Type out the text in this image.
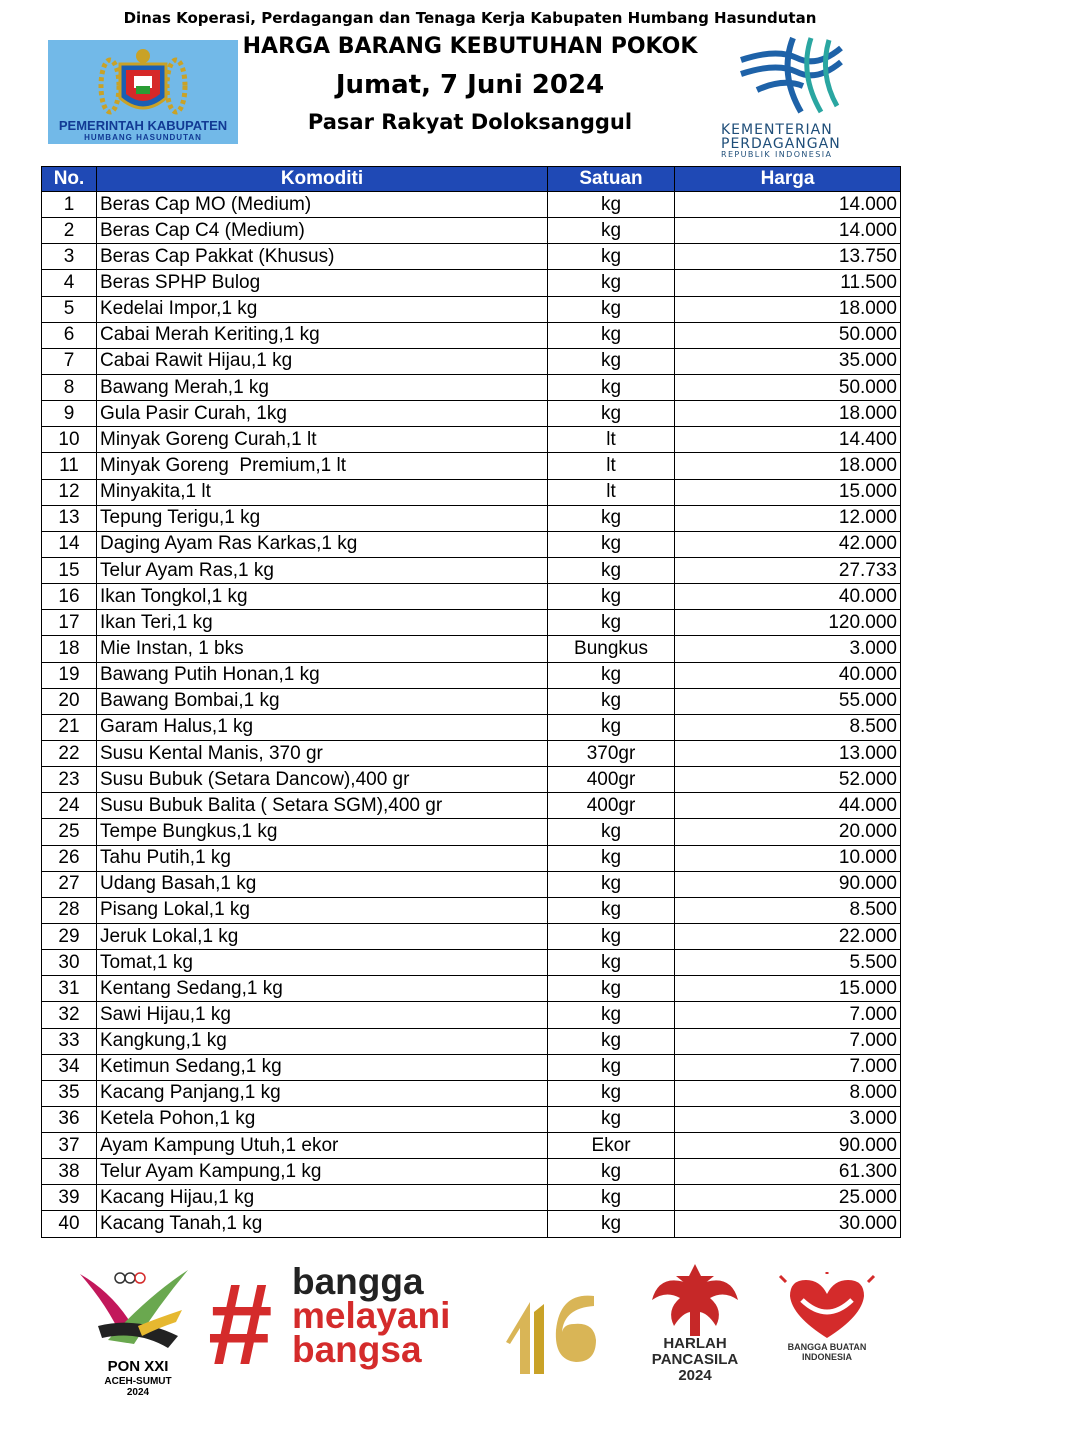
Dinas Koperasi, Perdagangan dan Tenaga Kerja Kabupaten Humbang Hasundutan
HARGA BARANG KEBUTUHAN POKOK
Jumat, 7 Juni 2024
Pasar Rakyat Doloksanggul
PEMERINTAH KABUPATEN
HUMBANG HASUNDUTAN	KEMENTERIAN
PERDAGANGAN
REPUBLIK INDONESIA
No.	Komoditi	Satuan	Harga
1	Beras Cap MO (Medium)	kg	14.000
2	Beras Cap C4 (Medium)	kg	14.000
3	Beras Cap Pakkat (Khusus)	kg	13.750
4	Beras SPHP Bulog	kg	11.500
5	Kedelai Impor,1 kg	kg	18.000
6	Cabai Merah Keriting,1 kg	kg	50.000
7	Cabai Rawit Hijau,1 kg	kg	35.000
8	Bawang Merah,1 kg	kg	50.000
9	Gula Pasir Curah, 1kg	kg	18.000
10	Minyak Goreng Curah,1 lt	lt	14.400
11	Minyak Goreng  Premium,1 lt	lt	18.000
12	Minyakita,1 lt	lt	15.000
13	Tepung Terigu,1 kg	kg	12.000
14	Daging Ayam Ras Karkas,1 kg	kg	42.000
15	Telur Ayam Ras,1 kg	kg	27.733
16	Ikan Tongkol,1 kg	kg	40.000
17	Ikan Teri,1 kg	kg	120.000
18	Mie Instan, 1 bks	Bungkus	3.000
19	Bawang Putih Honan,1 kg	kg	40.000
20	Bawang Bombai,1 kg	kg	55.000
21	Garam Halus,1 kg	kg	8.500
22	Susu Kental Manis, 370 gr	370gr	13.000
23	Susu Bubuk (Setara Dancow),400 gr	400gr	52.000
24	Susu Bubuk Balita ( Setara SGM),400 gr	400gr	44.000
25	Tempe Bungkus,1 kg	kg	20.000
26	Tahu Putih,1 kg	kg	10.000
27	Udang Basah,1 kg	kg	90.000
28	Pisang Lokal,1 kg	kg	8.500
29	Jeruk Lokal,1 kg	kg	22.000
30	Tomat,1 kg	kg	5.500
31	Kentang Sedang,1 kg	kg	15.000
32	Sawi Hijau,1 kg	kg	7.000
33	Kangkung,1 kg	kg	7.000
34	Ketimun Sedang,1 kg	kg	7.000
35	Kacang Panjang,1 kg	kg	8.000
36	Ketela Pohon,1 kg	kg	3.000
37	Ayam Kampung Utuh,1 ekor	Ekor	90.000
38	Telur Ayam Kampung,1 kg	kg	61.300
39	Kacang Hijau,1 kg	kg	25.000
40	Kacang Tanah,1 kg	kg	30.000
PON XXI
ACEH-SUMUT
2024
# bangga
melayani
bangsa	HARLAH
PANCASILA
2024
BANGGA BUATAN
INDONESIA
